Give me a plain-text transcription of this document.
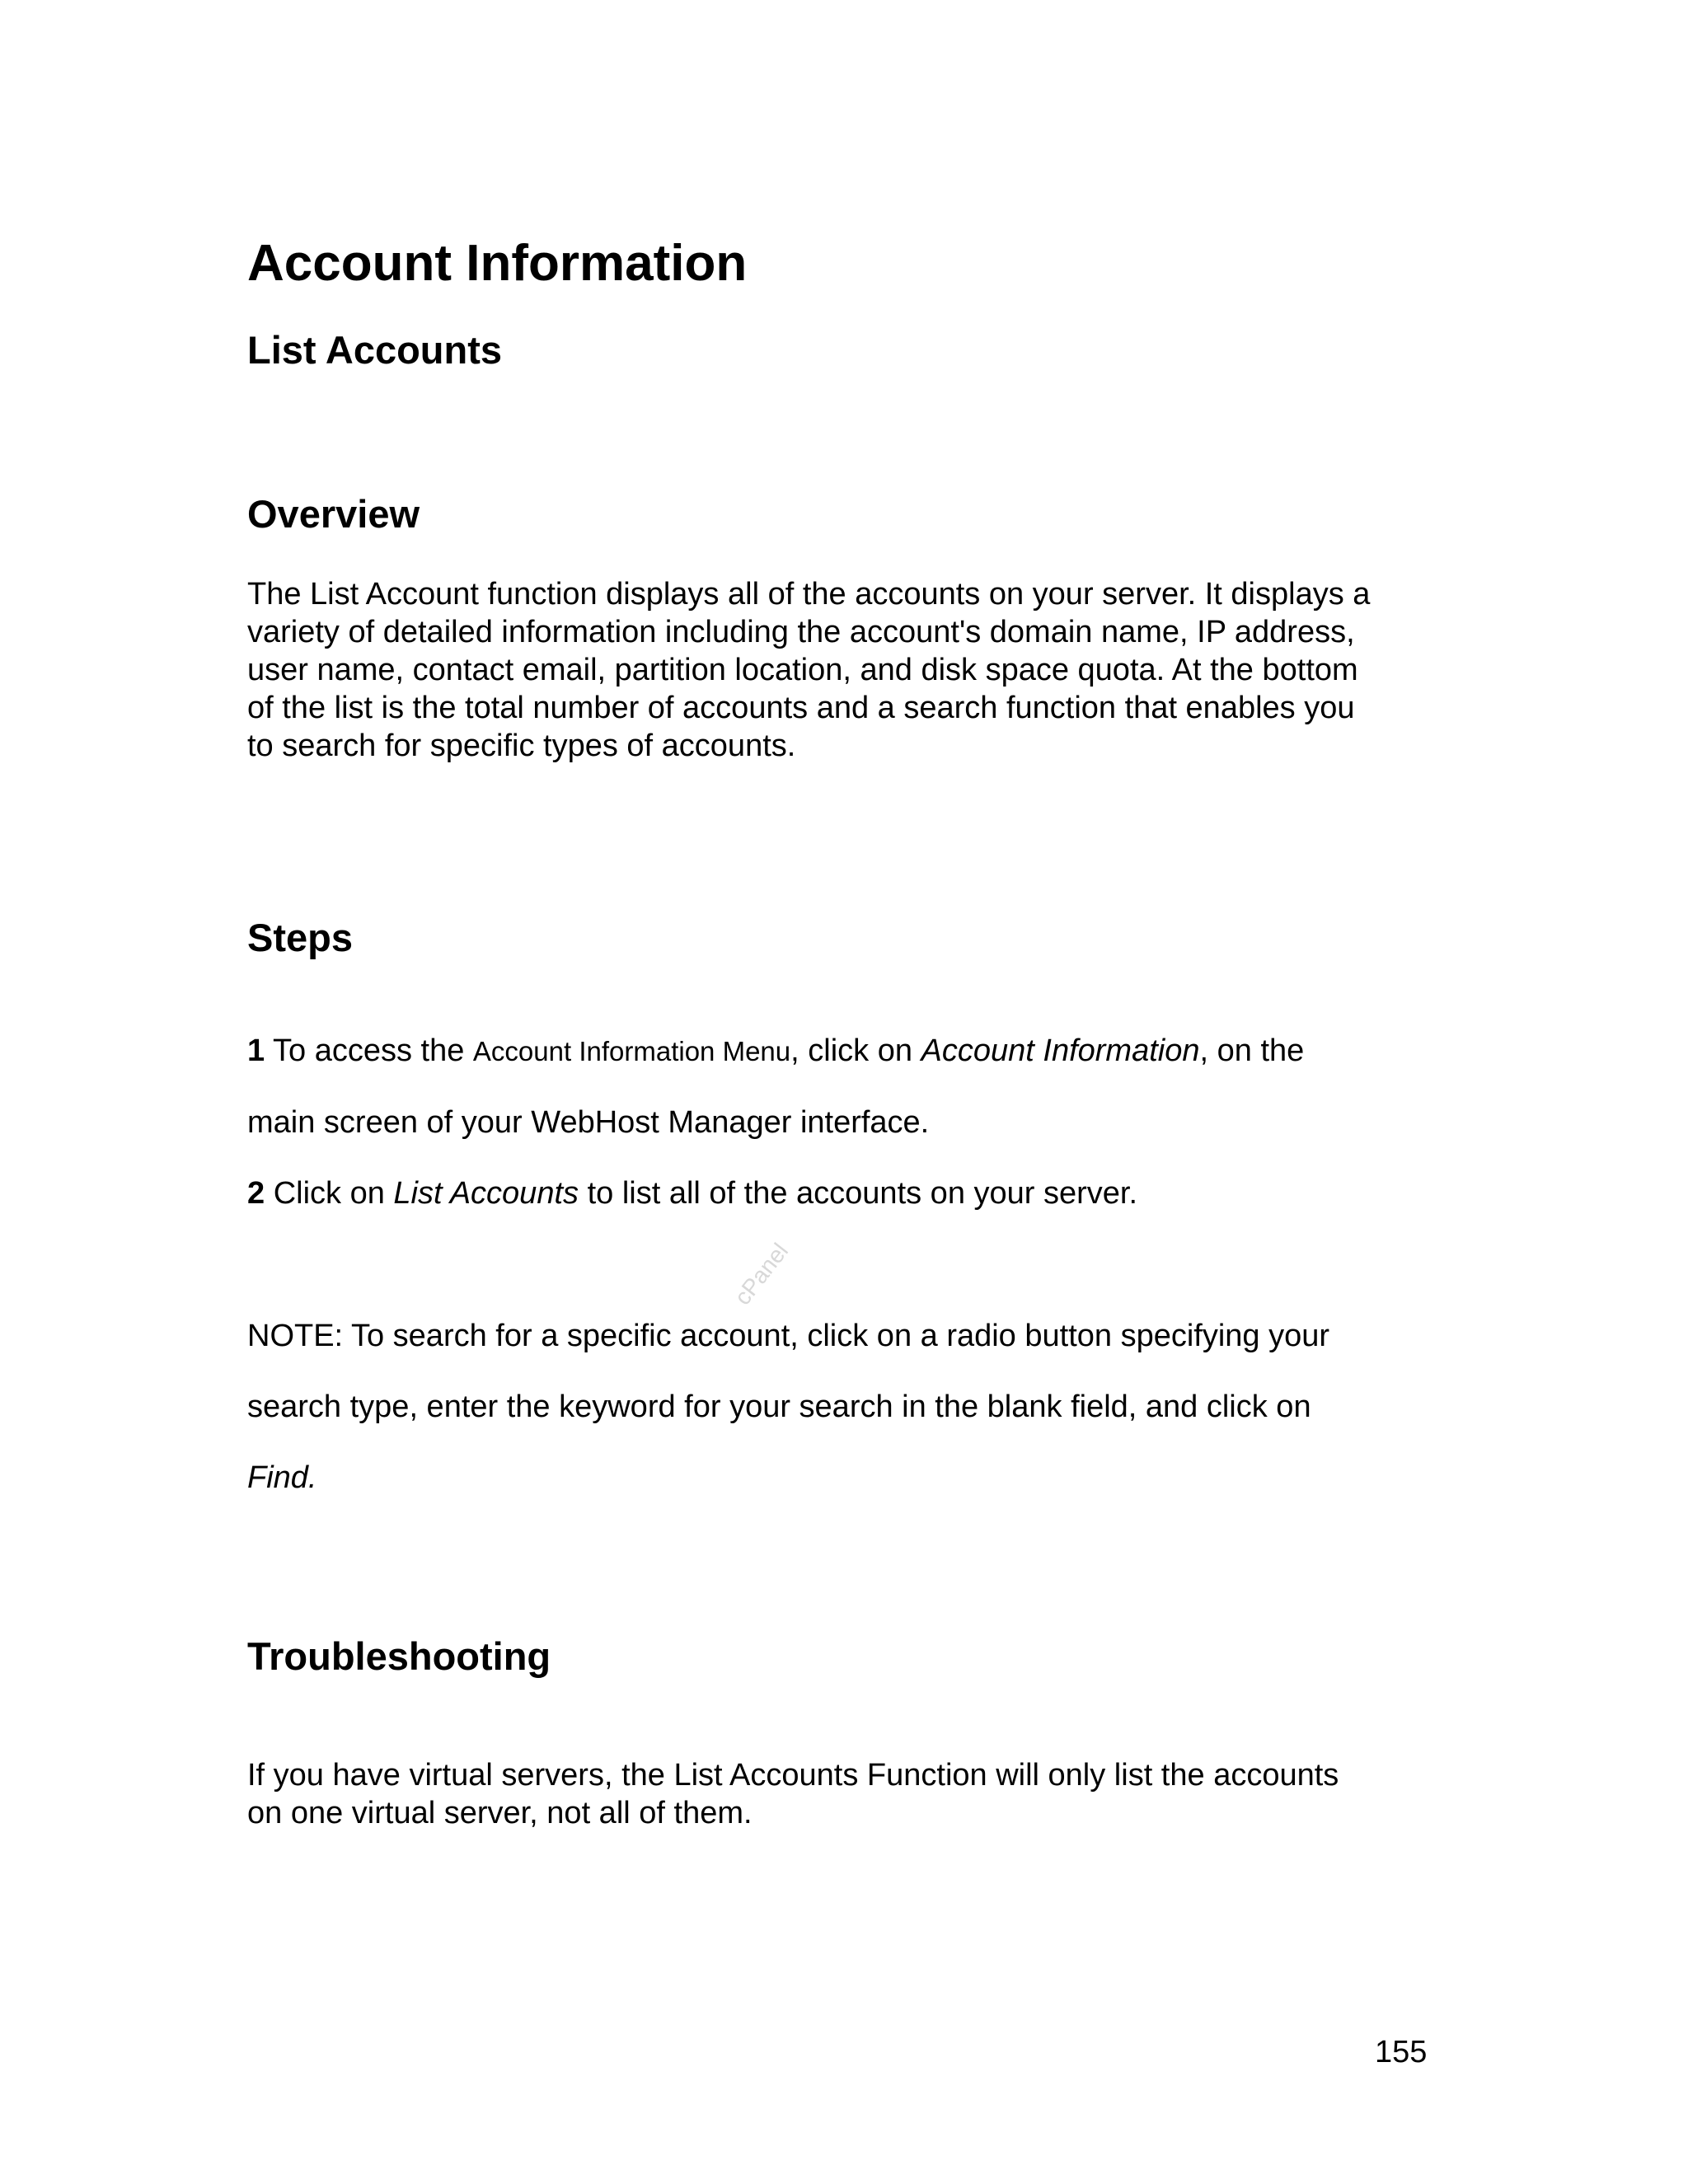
Account Information
List Accounts
Overview
The List Account function displays all of the accounts on your server. It displays a
variety of detailed information including the account's domain name, IP address,
user name, contact email, partition location, and disk space quota. At the bottom
of the list is the total number of accounts and a search function that enables you
to search for specific types of accounts.
Steps
1 To access the Account Information Menu, click on Account Information, on the
main screen of your WebHost Manager interface.
2 Click on List Accounts to list all of the accounts on your server.
cPanel
NOTE: To search for a specific account, click on a radio button specifying your
search type, enter the keyword for your search in the blank field, and click on
Find.
Troubleshooting
If you have virtual servers, the List Accounts Function will only list the accounts
on one virtual server, not all of them.
155
